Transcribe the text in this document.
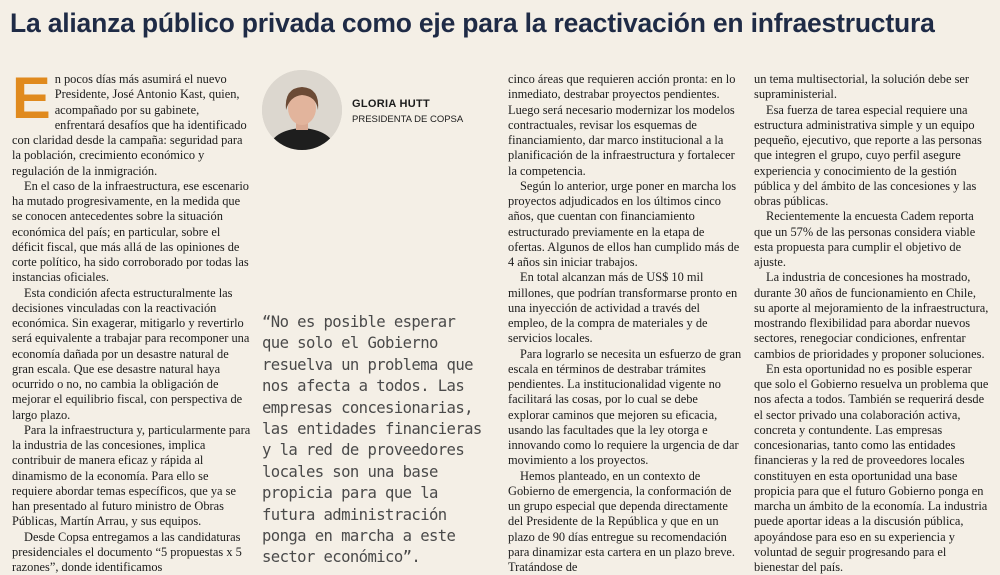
La alianza público privada como eje para la reactivación en infraestructura
E n pocos días más asumirá el nuevo Presidente, José Antonio Kast, quien, acompañado por su gabinete, enfrentará desafíos que ha identificado con claridad desde la campaña: seguridad para la población, crecimiento económico y regulación de la inmigración.

En el caso de la infraestructura, ese escenario ha mutado progresivamente, en la medida que se conocen antecedentes sobre la situación económica del país; en particular, sobre el déficit fiscal, que más allá de las opiniones de corte político, ha sido corroborado por todas las instancias oficiales.

Esta condición afecta estructuralmente las decisiones vinculadas con la reactivación económica. Sin exagerar, mitigarlo y revertirlo será equivalente a trabajar para recomponer una economía dañada por un desastre natural de gran escala. Que ese desastre natural haya ocurrido o no, no cambia la obligación de mejorar el equilibrio fiscal, con perspectiva de largo plazo.

Para la infraestructura y, particularmente para la industria de las concesiones, implica contribuir de manera eficaz y rápida al dinamismo de la economía. Para ello se requiere abordar temas específicos, que ya se han presentado al futuro ministro de Obras Públicas, Martín Arrau, y sus equipos.

Desde Copsa entregamos a las candidaturas presidenciales el documento “5 propuestas x 5 razones”, donde identificamos

GLORIA HUTT
PRESIDENTA DE COPSA
“No es posible esperar que solo el Gobierno resuelva un problema que nos afecta a todos. Las empresas concesionarias, las entidades financieras y la red de proveedores locales son una base propicia para que la futura administración ponga en marcha a este sector económico”.

cinco áreas que requieren acción pronta: en lo inmediato, destrabar proyectos pendientes. Luego será necesario modernizar los modelos contractuales, revisar los esquemas de financiamiento, dar marco institucional a la planificación de la infraestructura y fortalecer la competencia.

Según lo anterior, urge poner en marcha los proyectos adjudicados en los últimos cinco años, que cuentan con financiamiento estructurado previamente en la etapa de ofertas. Algunos de ellos han cumplido más de 4 años sin iniciar trabajos.

En total alcanzan más de US$ 10 mil millones, que podrían transformarse pronto en una inyección de actividad a través del empleo, de la compra de materiales y de servicios locales.

Para lograrlo se necesita un esfuerzo de gran escala en términos de destrabar trámites pendientes. La institucionalidad vigente no facilitará las cosas, por lo cual se debe explorar caminos que mejoren su eficacia, usando las facultades que la ley otorga e innovando como lo requiere la urgencia de dar movimiento a los proyectos.

Hemos planteado, en un contexto de Gobierno de emergencia, la conformación de un grupo especial que dependa directamente del Presidente de la República y que en un plazo de 90 días entregue su recomendación para dinamizar esta cartera en un plazo breve. Tratándose de

un tema multisectorial, la solución debe ser supraministerial.

Esa fuerza de tarea especial requiere una estructura administrativa simple y un equipo pequeño, ejecutivo, que reporte a las personas que integren el grupo, cuyo perfil asegure experiencia y conocimiento de la gestión pública y del ámbito de las concesiones y las obras públicas.

Recientemente la encuesta Cadem reporta que un 57% de las personas considera viable esta propuesta para cumplir el objetivo de ajuste.

La industria de concesiones ha mostrado, durante 30 años de funcionamiento en Chile, su aporte al mejoramiento de la infraestructura, mostrando flexibilidad para abordar nuevos sectores, renegociar condiciones, enfrentar cambios de prioridades y proponer soluciones.

En esta oportunidad no es posible esperar que solo el Gobierno resuelva un problema que nos afecta a todos. También se requerirá desde el sector privado una colaboración activa, concreta y contundente. Las empresas concesionarias, tanto como las entidades financieras y la red de proveedores locales constituyen en esta oportunidad una base propicia para que el futuro Gobierno ponga en marcha un ámbito de la economía. La industria puede aportar ideas a la discusión pública, apoyándose para eso en su experiencia y voluntad de seguir progresando para el bienestar del país.
